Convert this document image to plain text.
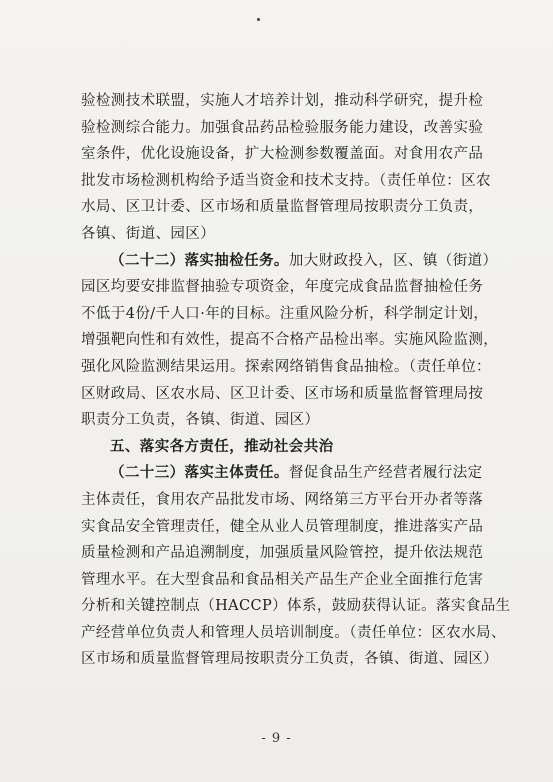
验检测技术联盟，实施人才培养计划，推动科学研究，提升检
验检测综合能力。加强食品药品检验服务能力建设，改善实验
室条件，优化设施设备，扩大检测参数覆盖面。对食用农产品
批发市场检测机构给予适当资金和技术支持。（责任单位：区农
水局、区卫计委、区市场和质量监督管理局按职责分工负责，
各镇、街道、园区）
（二十二）落实抽检任务。加大财政投入，区、镇（街道）
园区均要安排监督抽验专项资金，年度完成食品监督抽检任务
不低于4份/千人口·年的目标。注重风险分析，科学制定计划，
增强靶向性和有效性，提高不合格产品检出率。实施风险监测，
强化风险监测结果运用。探索网络销售食品抽检。（责任单位：
区财政局、区农水局、区卫计委、区市场和质量监督管理局按
职责分工负责，各镇、街道、园区）
五、落实各方责任，推动社会共治
（二十三）落实主体责任。督促食品生产经营者履行法定
主体责任，食用农产品批发市场、网络第三方平台开办者等落
实食品安全管理责任，健全从业人员管理制度，推进落实产品
质量检测和产品追溯制度，加强质量风险管控，提升依法规范
管理水平。在大型食品和食品相关产品生产企业全面推行危害
分析和关键控制点（HACCP）体系，鼓励获得认证。落实食品生
产经营单位负责人和管理人员培训制度。（责任单位：区农水局、
区市场和质量监督管理局按职责分工负责，各镇、街道、园区）
- 9 -
